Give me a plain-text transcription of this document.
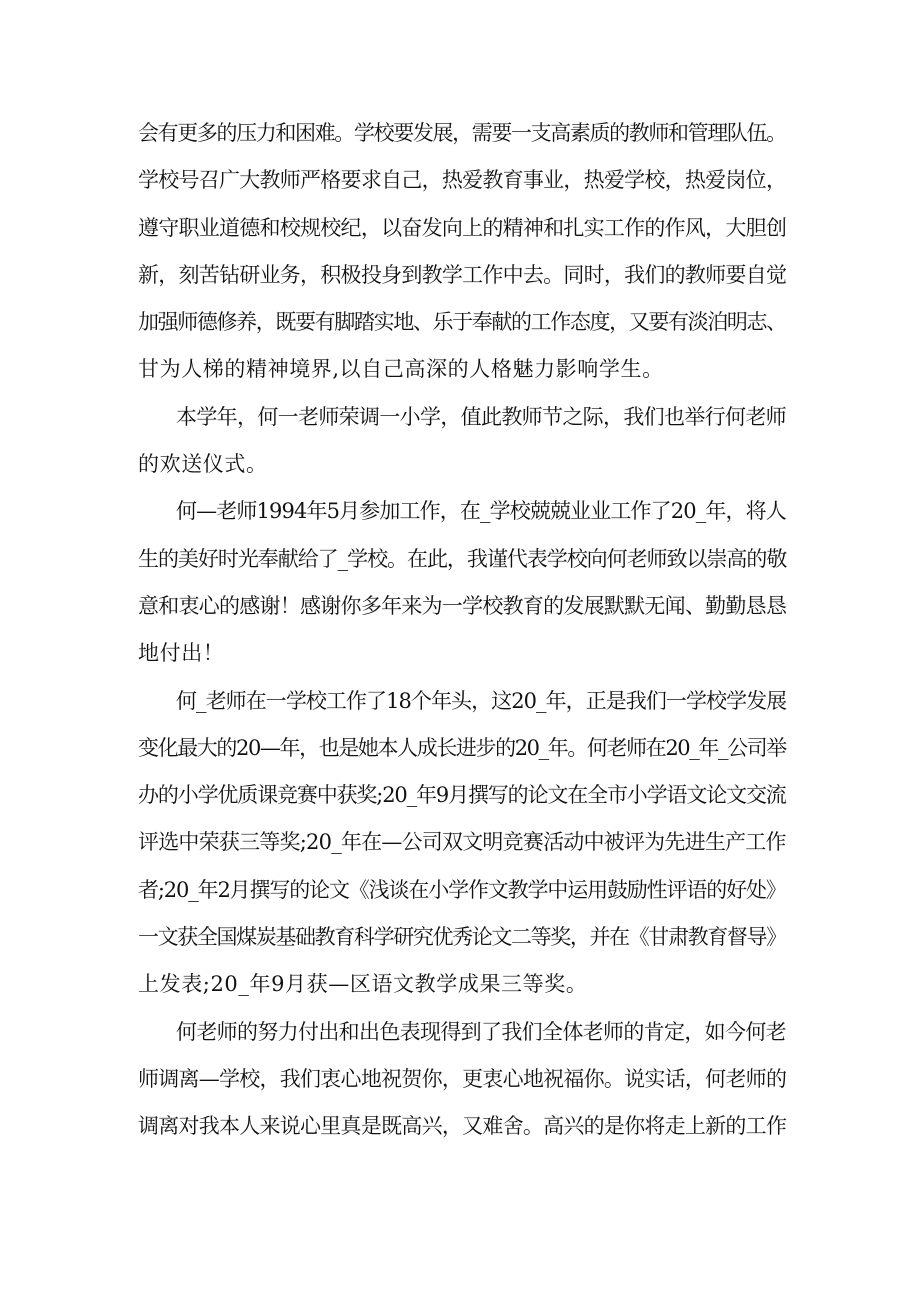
会有更多的压力和困难。学校要发展，需要一支高素质的教师和管理队伍。
学校号召广大教师严格要求自己，热爱教育事业，热爱学校，热爱岗位，
遵守职业道德和校规校纪，以奋发向上的精神和扎实工作的作风，大胆创
新，刻苦钻研业务，积极投身到教学工作中去。同时，我们的教师要自觉
加强师德修养，既要有脚踏实地、乐于奉献的工作态度，又要有淡泊明志、
甘为人梯的精神境界,以自己高深的人格魅力影响学生。
本学年，何一老师荣调一小学，值此教师节之际，我们也举行何老师
的欢送仪式。
何—老师1994年5月参加工作，在_学校兢兢业业工作了20_年，将人
生的美好时光奉献给了_学校。在此，我谨代表学校向何老师致以崇高的敬
意和衷心的感谢！感谢你多年来为一学校教育的发展默默无闻、勤勤恳恳
地付出！
何_老师在一学校工作了18个年头，这20_年，正是我们一学校学发展
变化最大的20—年，也是她本人成长进步的20_年。何老师在20_年_公司举
办的小学优质课竞赛中获奖;20_年9月撰写的论文在全市小学语文论文交流
评选中荣获三等奖;20_年在—公司双文明竞赛活动中被评为先进生产工作
者;20_年2月撰写的论文《浅谈在小学作文教学中运用鼓励性评语的好处》
一文获全国煤炭基础教育科学研究优秀论文二等奖，并在《甘肃教育督导》
上发表;20_年9月获—区语文教学成果三等奖。
何老师的努力付出和出色表现得到了我们全体老师的肯定，如今何老
师调离—学校，我们衷心地祝贺你，更衷心地祝福你。说实话，何老师的
调离对我本人来说心里真是既高兴，又难舍。高兴的是你将走上新的工作
